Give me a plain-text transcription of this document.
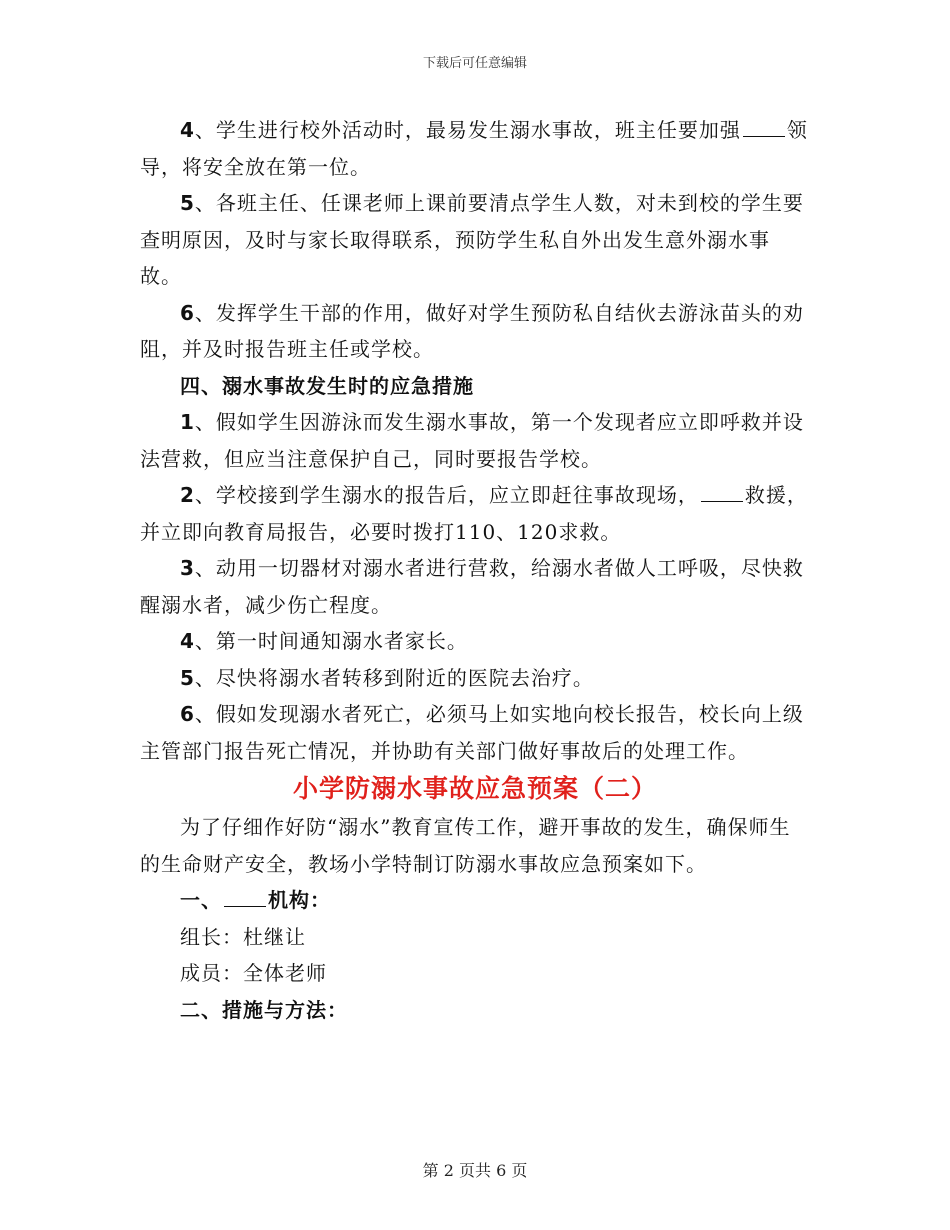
下载后可任意编辑

4、学生进行校外活动时，最易发生溺水事故，班主任要加强 领导，将安全放在第一位。

5、各班主任、任课老师上课前要清点学生人数，对未到校的学生要查明原因，及时与家长取得联系，预防学生私自外出发生意外溺水事故。

6、发挥学生干部的作用，做好对学生预防私自结伙去游泳苗头的劝阻，并及时报告班主任或学校。

四、溺水事故发生时的应急措施

1、假如学生因游泳而发生溺水事故，第一个发现者应立即呼救并设法营救，但应当注意保护自己，同时要报告学校。

2、学校接到学生溺水的报告后，应立即赶往事故现场， 救援，并立即向教育局报告，必要时拨打110、120求救。

3、动用一切器材对溺水者进行营救，给溺水者做人工呼吸，尽快救醒溺水者，减少伤亡程度。

4、第一时间通知溺水者家长。

5、尽快将溺水者转移到附近的医院去治疗。

6、假如发现溺水者死亡，必须马上如实地向校长报告，校长向上级主管部门报告死亡情况，并协助有关部门做好事故后的处理工作。

小学防溺水事故应急预案（二）

为了仔细作好防“溺水”教育宣传工作，避开事故的发生，确保师生的生命财产安全，教场小学特制订防溺水事故应急预案如下。

一、 机构：

组长：杜继让

成员：全体老师

二、措施与方法：

第 2 页共 6 页
